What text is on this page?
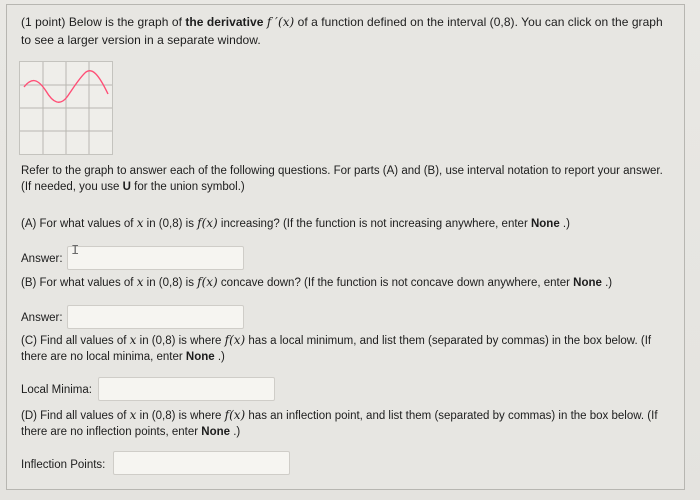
(1 point) Below is the graph of the derivative f ′(x) of a function defined on the interval (0,8). You can click on the graph to see a larger version in a separate window.
Refer to the graph to answer each of the following questions. For parts (A) and (B), use interval notation to report your answer. (If needed, you use U for the union symbol.)
(A) For what values of x in (0,8) is f(x) increasing? (If the function is not increasing anywhere, enter None .)
Answer: I
(B) For what values of x in (0,8) is f(x) concave down? (If the function is not concave down anywhere, enter None .)
Answer:
(C) Find all values of x in (0,8) is where f(x) has a local minimum, and list them (separated by commas) in the box below. (If there are no local minima, enter None .)
Local Minima:
(D) Find all values of x in (0,8) is where f(x) has an inflection point, and list them (separated by commas) in the box below. (If there are no inflection points, enter None .)
Inflection Points:
